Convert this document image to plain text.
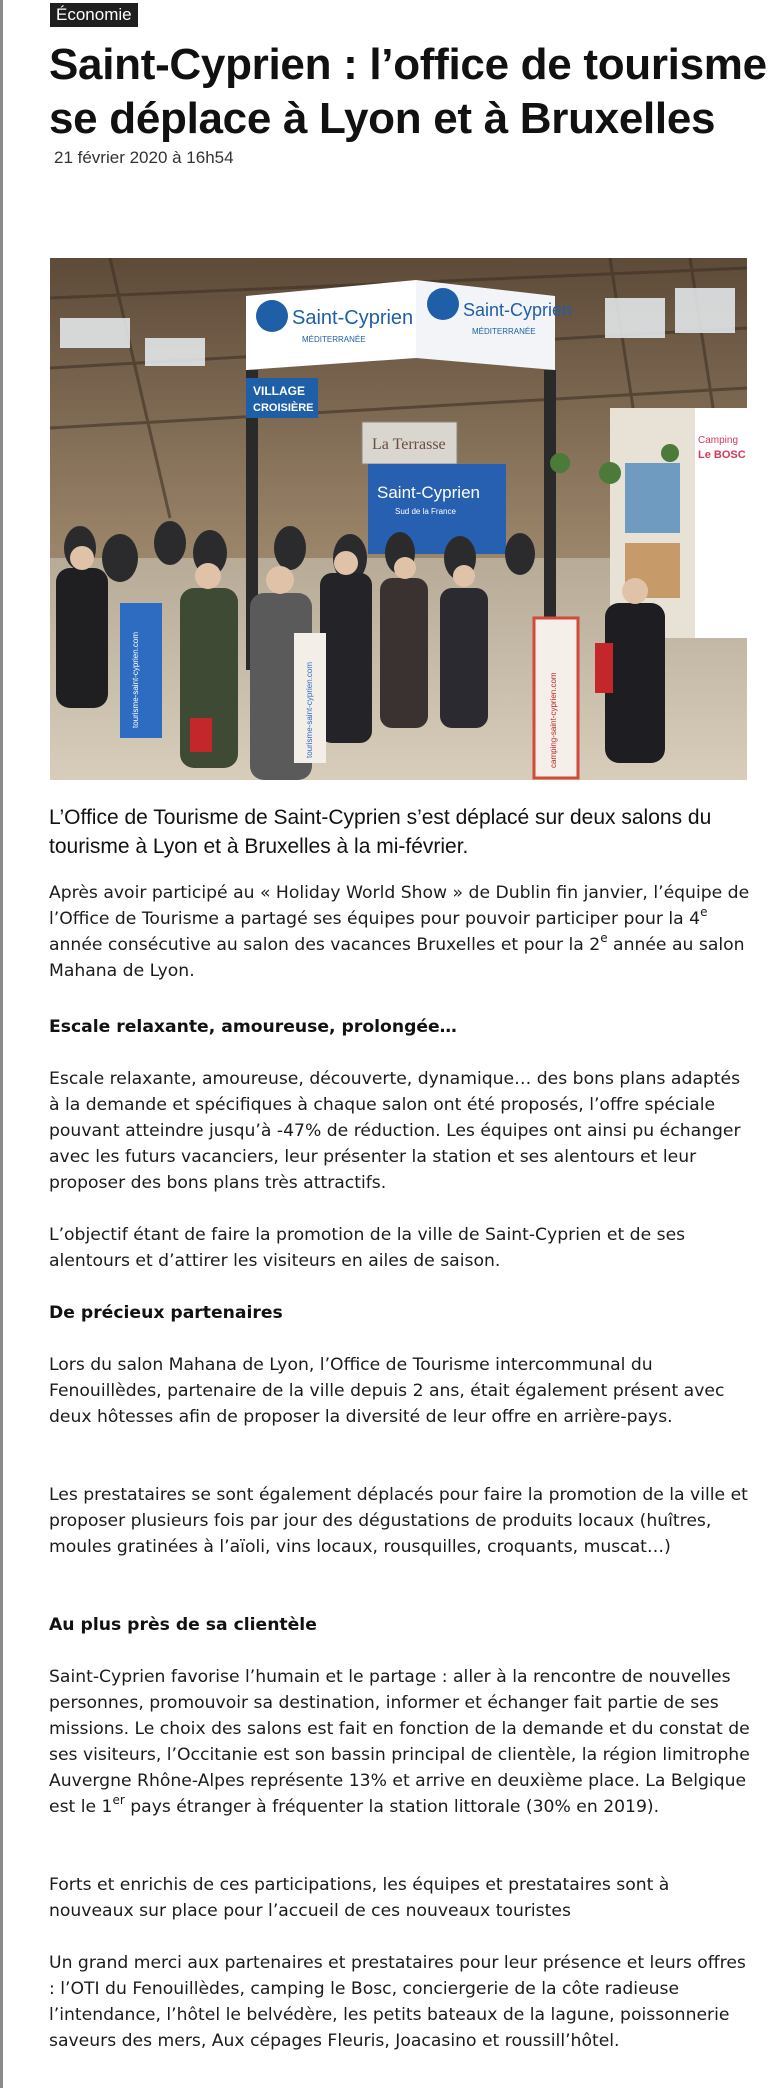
Économie
Saint-Cyprien : l’office de tourisme se déplace à Lyon et à Bruxelles
21 février 2020 à 16h54
Saint-Cyprien
MÉDITERRANÉE
Saint-Cyprien
MÉDITERRANÉE
VILLAGE
CROISIÈRE
La Terrasse
Saint-Cyprien
Sud de la France
Camping
Le BOSC
tourisme-saint-cyprien.com	tourisme-saint-cyprien.com	camping-saint-cyprien.com

L’Office de Tourisme de Saint-Cyprien s’est déplacé sur deux salons du tourisme à Lyon et à Bruxelles à la mi-février.

Après avoir participé au « Holiday World Show » de Dublin fin janvier, l’équipe de l’Office de Tourisme a partagé ses équipes pour pouvoir participer pour la 4e année consécutive au salon des vacances Bruxelles et pour la 2e année au salon Mahana de Lyon.

Escale relaxante, amoureuse, prolongée…

Escale relaxante, amoureuse, découverte, dynamique… des bons plans adaptés à la demande et spécifiques à chaque salon ont été proposés, l’offre spéciale pouvant atteindre jusqu’à -47% de réduction. Les équipes ont ainsi pu échanger avec les futurs vacanciers, leur présenter la station et ses alentours et leur proposer des bons plans très attractifs.

L’objectif étant de faire la promotion de la ville de Saint-Cyprien et de ses alentours et d’attirer les visiteurs en ailes de saison.

De précieux partenaires

Lors du salon Mahana de Lyon, l’Office de Tourisme intercommunal du Fenouillèdes, partenaire de la ville depuis 2 ans, était également présent avec deux hôtesses afin de proposer la diversité de leur offre en arrière-pays.

Les prestataires se sont également déplacés pour faire la promotion de la ville et proposer plusieurs fois par jour des dégustations de produits locaux (huîtres, moules gratinées à l’aïoli, vins locaux, rousquilles, croquants, muscat…)

Au plus près de sa clientèle

Saint-Cyprien favorise l’humain et le partage : aller à la rencontre de nouvelles personnes, promouvoir sa destination, informer et échanger fait partie de ses missions. Le choix des salons est fait en fonction de la demande et du constat de ses visiteurs, l’Occitanie est son bassin principal de clientèle, la région limitrophe Auvergne Rhône-Alpes représente 13% et arrive en deuxième place. La Belgique est le 1er pays étranger à fréquenter la station littorale (30% en 2019).

Forts et enrichis de ces participations, les équipes et prestataires sont à nouveaux sur place pour l’accueil de ces nouveaux touristes

Un grand merci aux partenaires et prestataires pour leur présence et leurs offres : l’OTI du Fenouillèdes, camping le Bosc, conciergerie de la côte radieuse l’intendance, l’hôtel le belvédère, les petits bateaux de la lagune, poissonnerie saveurs des mers, Aux cépages Fleuris, Joacasino et roussill’hôtel.
